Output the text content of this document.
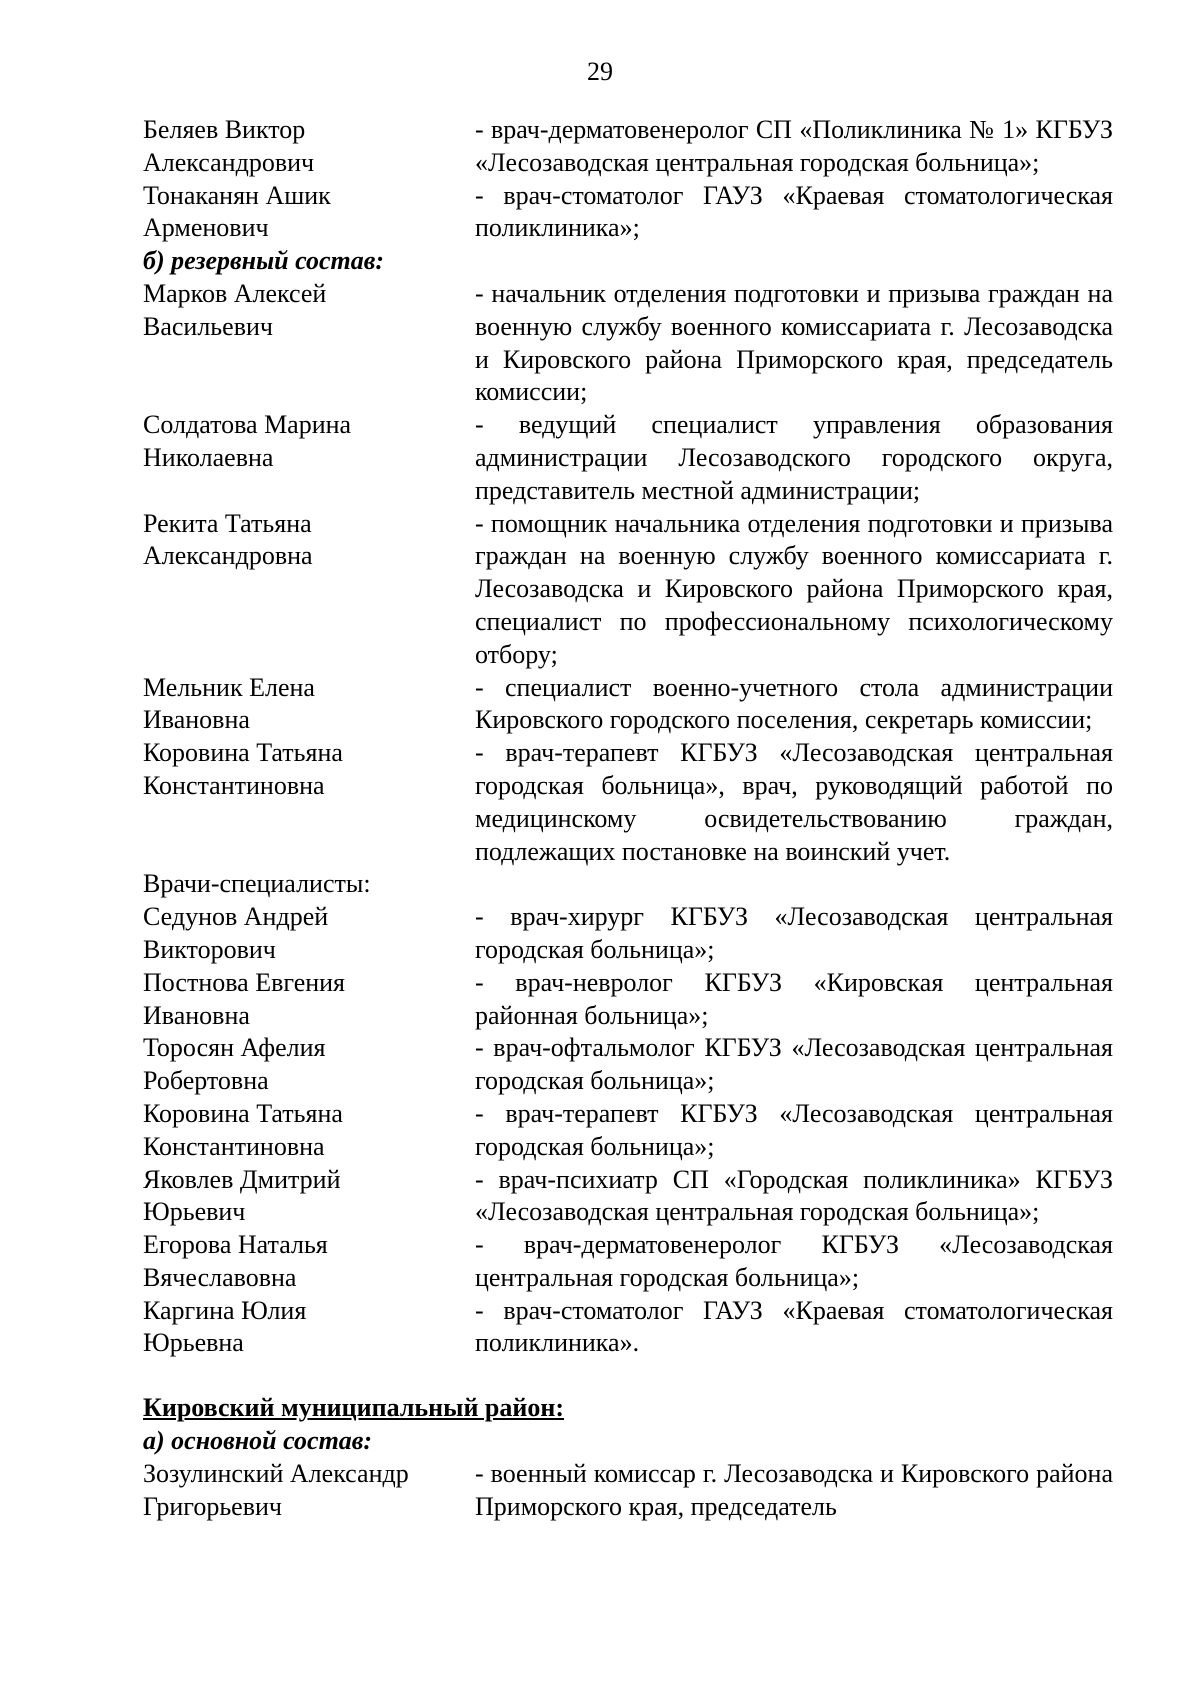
29
Беляев Виктор
Александрович
- врач-дерматовенеролог СП «Поликлиника № 1» КГБУЗ «Лесозаводская центральная городская больница»;
Тонаканян Ашик
Арменович
- врач-стоматолог ГАУЗ «Краевая стоматологическая поликлиника»;
б) резервный состав:
Марков Алексей
Васильевич
- начальник отделения подготовки и призыва граждан на военную службу военного комиссариата г. Лесозаводска и Кировского района Приморского края, председатель комиссии;
Солдатова Марина
Николаевна
- ведущий специалист управления образования администрации Лесозаводского городского округа, представитель местной администрации;
Рекита Татьяна
Александровна
- помощник начальника отделения подготовки и призыва граждан на военную службу военного комиссариата г. Лесозаводска и Кировского района Приморского края, специалист по профессиональному психологическому отбору;
Мельник Елена
Ивановна
- специалист военно-учетного стола администрации Кировского городского поселения, секретарь комиссии;
Коровина Татьяна
Константиновна
- врач-терапевт КГБУЗ «Лесозаводская центральная городская больница», врач, руководящий работой по медицинскому освидетельствованию граждан, подлежащих постановке на воинский учет.
Врачи-специалисты:
Седунов Андрей
Викторович
- врач-хирург КГБУЗ «Лесозаводская центральная городская больница»;
Постнова Евгения
Ивановна
- врач-невролог КГБУЗ «Кировская центральная районная больница»;
Торосян Афелия
Робертовна
- врач-офтальмолог КГБУЗ «Лесозаводская центральная городская больница»;
Коровина Татьяна
Константиновна
- врач-терапевт КГБУЗ «Лесозаводская центральная городская больница»;
Яковлев Дмитрий
Юрьевич
- врач-психиатр СП «Городская поликлиника» КГБУЗ «Лесозаводская центральная городская больница»;
Егорова Наталья
Вячеславовна
- врач-дерматовенеролог КГБУЗ «Лесозаводская центральная городская больница»;
Каргина Юлия
Юрьевна
- врач-стоматолог ГАУЗ «Краевая стоматологическая поликлиника».
Кировский муниципальный район:
а) основной состав:
Зозулинский Александр
Григорьевич
- военный комиссар г. Лесозаводска и Кировского района Приморского края, председатель
